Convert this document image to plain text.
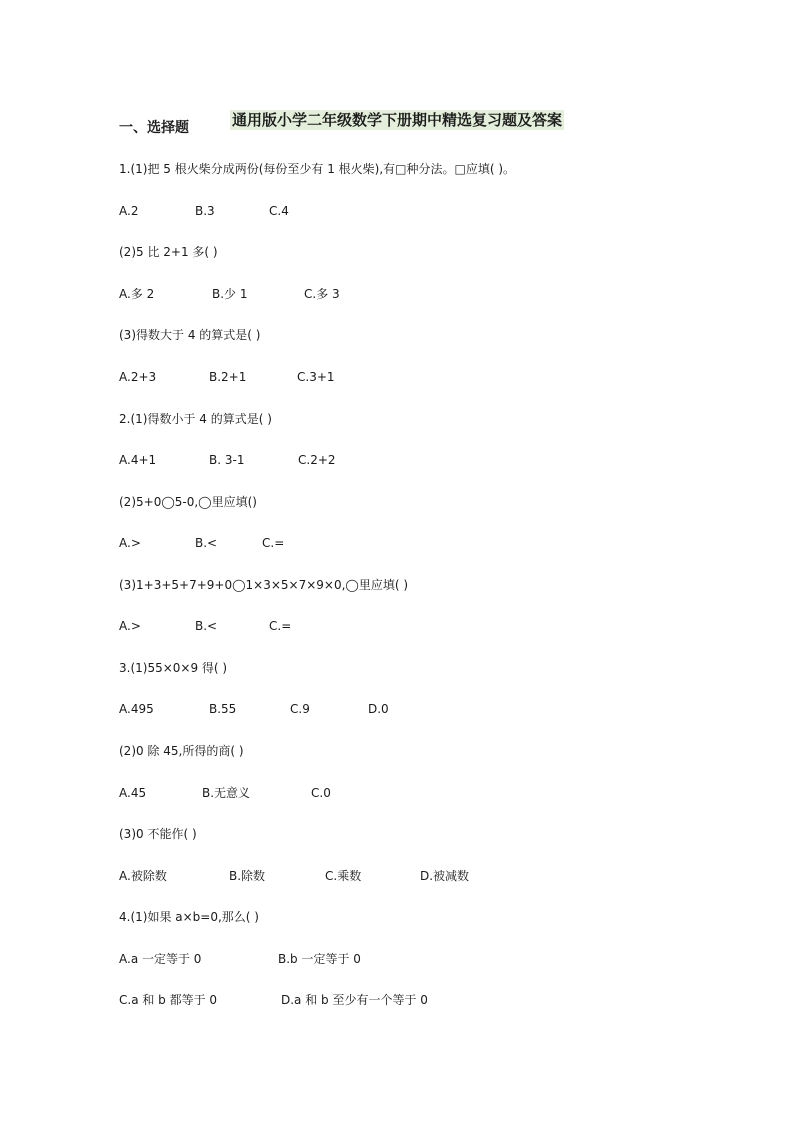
通用版小学二年级数学下册期中精选复习题及答案
一、选择题

1.(1)把 5 根火柴分成两份(每份至少有 1 根火柴),有□种分法。□应填( )。

A.2	B.3	C.4

(2)5 比 2+1 多( )

A.多 2	B.少 1	C.多 3

(3)得数大于 4 的算式是( )

A.2+3	B.2+1	C.3+1

2.(1)得数小于 4 的算式是( )

A.4+1	B. 3-1	C.2+2

(2)5+0◯5-0,◯里应填()

A.>	B.<	C.=

(3)1+3+5+7+9+0◯1×3×5×7×9×0,◯里应填( )

A.>	B.<	C.=

3.(1)55×0×9 得( )

A.495	B.55	C.9	D.0

(2)0 除 45,所得的商( )

A.45	B.无意义	C.0

(3)0 不能作( )

A.被除数	B.除数	C.乘数	D.被减数

4.(1)如果 a×b=0,那么( )

A.a 一定等于 0	B.b 一定等于 0
C.a 和 b 都等于 0	D.a 和 b 至少有一个等于 0
